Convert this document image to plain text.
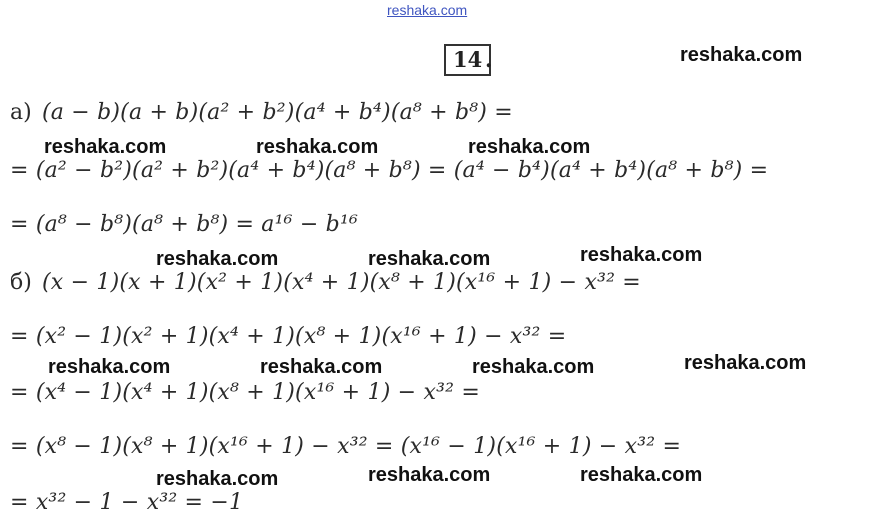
reshaka.com
14 .	reshaka.com
reshaka.com	reshaka.com	reshaka.com
reshaka.com
reshaka.com	reshaka.com
reshaka.com
reshaka.com	reshaka.com	reshaka.com
reshaka.com	reshaka.com
reshaka.com
а) (a − b)(a + b)(a² + b²)(a⁴ + b⁴)(a⁸ + b⁸) =
= (a² − b²)(a² + b²)(a⁴ + b⁴)(a⁸ + b⁸) = (a⁴ − b⁴)(a⁴ + b⁴)(a⁸ + b⁸) =
= (a⁸ − b⁸)(a⁸ + b⁸) = a¹⁶ − b¹⁶
б) (x − 1)(x + 1)(x² + 1)(x⁴ + 1)(x⁸ + 1)(x¹⁶ + 1) − x³² =
= (x² − 1)(x² + 1)(x⁴ + 1)(x⁸ + 1)(x¹⁶ + 1) − x³² =
= (x⁴ − 1)(x⁴ + 1)(x⁸ + 1)(x¹⁶ + 1) − x³² =
= (x⁸ − 1)(x⁸ + 1)(x¹⁶ + 1) − x³² = (x¹⁶ − 1)(x¹⁶ + 1) − x³² =
= x³² − 1 − x³² = −1
